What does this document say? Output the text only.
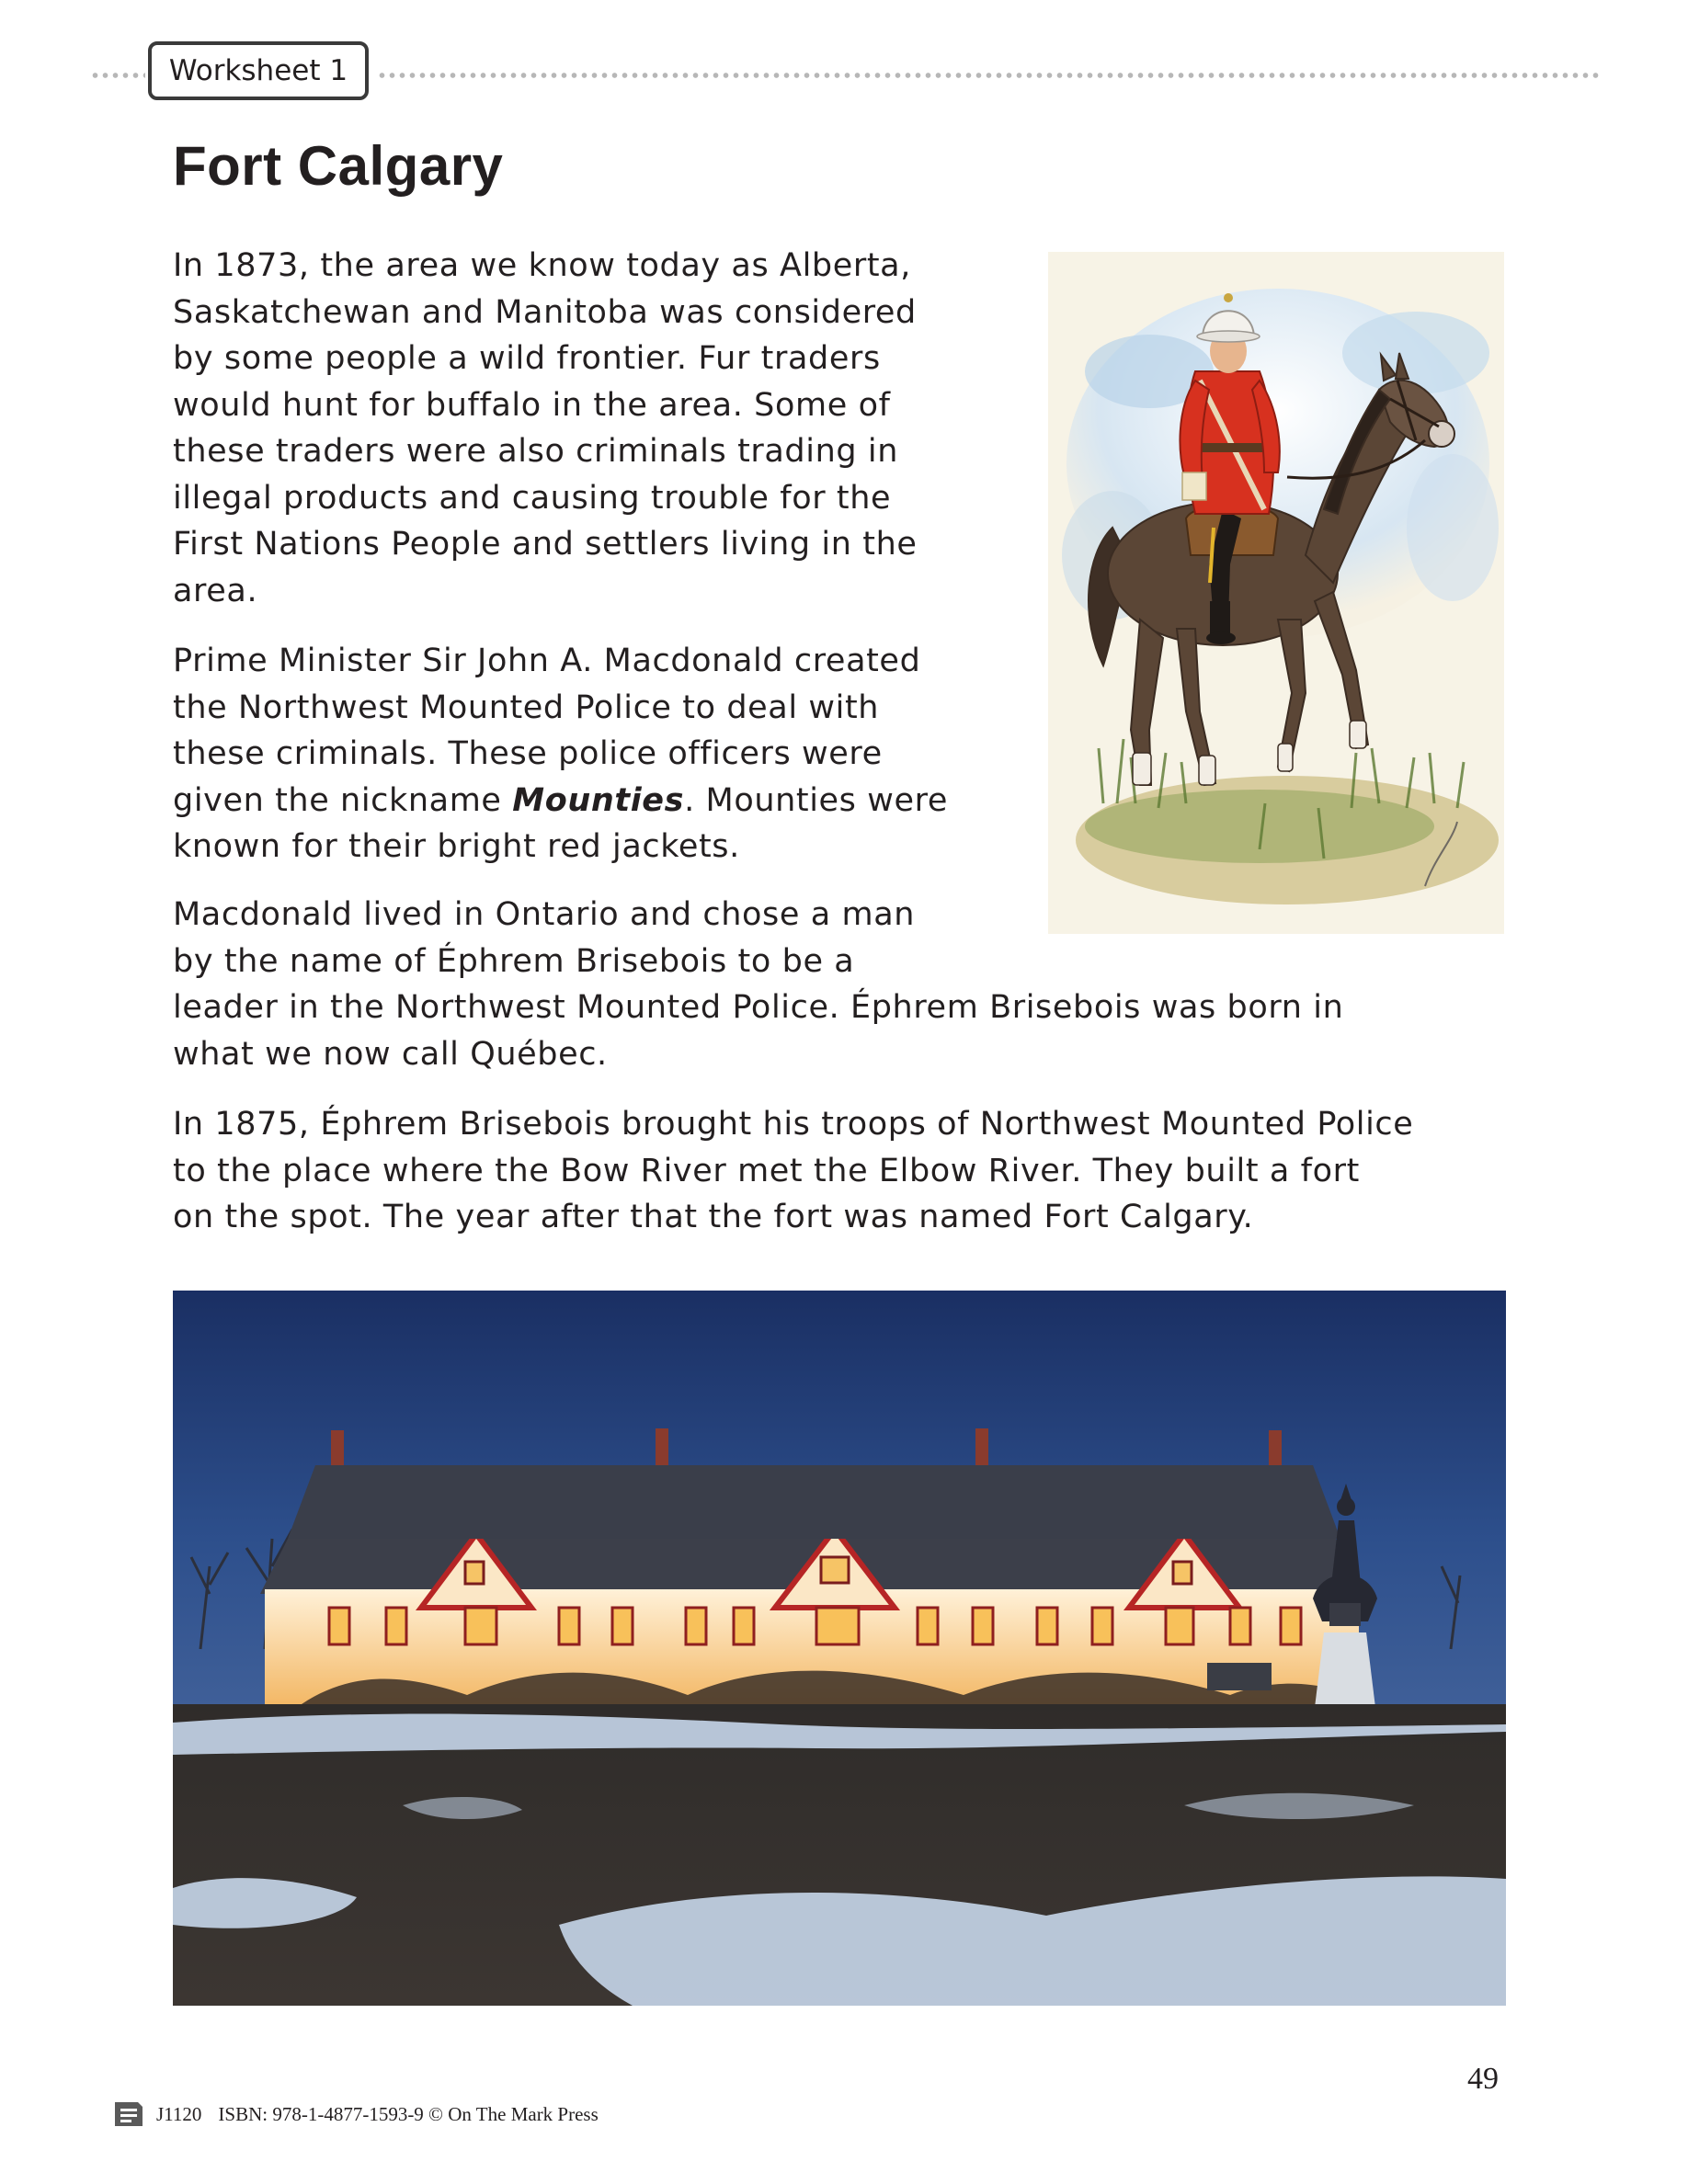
Worksheet 1
Fort Calgary

In 1873, the area we know today as Alberta,
Saskatchewan and Manitoba was considered
by some people a wild frontier. Fur traders
would hunt for buffalo in the area. Some of
these traders were also criminals trading in
illegal products and causing trouble for the
First Nations People and settlers living in the
area.

Prime Minister Sir John A. Macdonald created
the Northwest Mounted Police to deal with
these criminals. These police officers were
given the nickname Mounties. Mounties were
known for their bright red jackets.

Macdonald lived in Ontario and chose a man
by the name of Éphrem Brisebois to be a
leader in the Northwest Mounted Police. Éphrem Brisebois was born in
what we now call Québec.

In 1875, Éphrem Brisebois brought his troops of Northwest Mounted Police
to the place where the Bow River met the Elbow River. They built a fort
on the spot. The year after that the fort was named Fort Calgary.

49
J1120 ISBN: 978-1-4877-1593-9 © On The Mark Press
